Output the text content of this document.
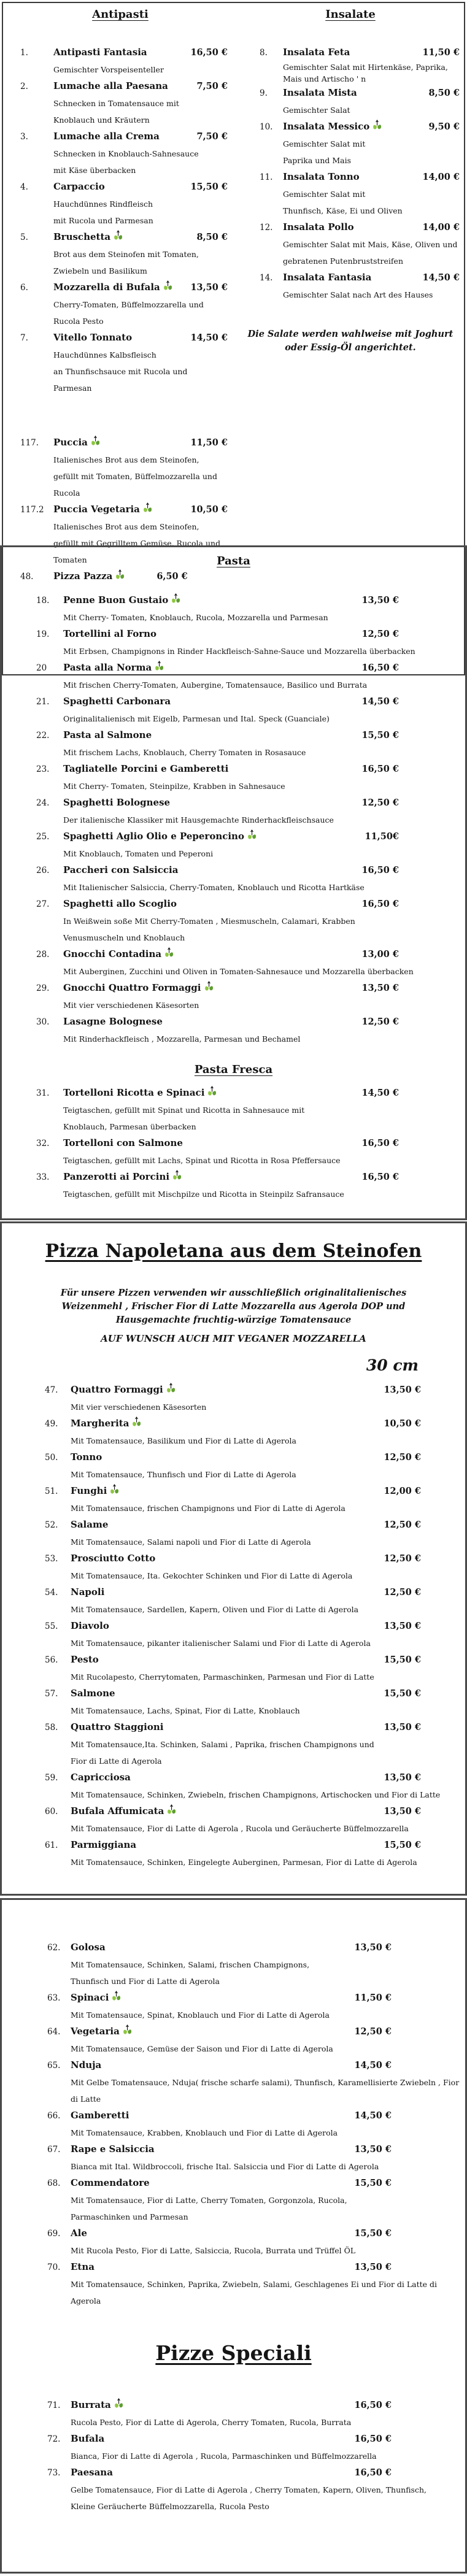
Antipasti
1.	Antipasti Fantasia	16,50 €
Gemischter Vorspeisenteller
2.	Lumache alla Paesana	7,50 €
Schnecken in Tomatensauce mit
Knoblauch und Kräutern
3.	Lumache alla Crema	7,50 €
Schnecken in Knoblauch-Sahnesauce
mit Käse überbacken
4.	Carpaccio	15,50 €
Hauchdünnes Rindfleisch
mit Rucola und Parmesan
5.	Bruschetta	8,50 €
Brot aus dem Steinofen mit Tomaten,
Zwiebeln und Basilikum
6.	Mozzarella di Bufala	13,50 €
Cherry-Tomaten, Büffelmozzarella und Rucola Pesto
7.	Vitello Tonnato	14,50 €
Hauchdünnes Kalbsfleisch
an Thunfischsauce mit Rucola und
Parmesan
117.	Puccia	11,50 €
Italienisches Brot aus dem Steinofen,
gefüllt mit Tomaten, Büffelmozzarella und
Rucola
117.2	Puccia Vegetaria	10,50 €
Italienisches Brot aus dem Steinofen,
gefüllt mit Gegrilltem Gemüse, Rucola und Tomaten
48.	Pizza Pazza	6,50 €
Insalate
8.	Insalata Feta	11,50 €
Gemischter Salat mit Hirtenkäse, Paprika,
Mais und Artischo ' n
9.	Insalata Mista	8,50 €
Gemischter Salat
10.	Insalata Messico	9,50 €
Gemischter Salat mit
Paprika und Mais
11.	Insalata Tonno	14,00 €
Gemischter Salat mit
Thunfisch, Käse, Ei und Oliven
12.	Insalata Pollo	14,00 €
Gemischter Salat mit Mais, Käse, Oliven und
gebratenen Putenbruststreifen
14.	Insalata Fantasia	14,50 €
Gemischter Salat nach Art des Hauses
Die Salate werden wahlweise mit Joghurt oder Essig-Öl angerichtet.
Pasta
18.	Penne Buon Gustaio	13,50 €
Mit Cherry- Tomaten, Knoblauch, Rucola, Mozzarella und Parmesan
19.	Tortellini al Forno	12,50 €
Mit Erbsen, Champignons in Rinder Hackfleisch-Sahne-Sauce und Mozzarella überbacken
20	Pasta alla Norma	16,50 €
Mit frischen Cherry-Tomaten, Aubergine, Tomatensauce, Basilico und Burrata
21.	Spaghetti Carbonara	14,50 €
Originalitalienisch mit Eigelb, Parmesan und Ital. Speck (Guanciale)
22.	Pasta al Salmone	15,50 €
Mit frischem Lachs, Knoblauch, Cherry Tomaten in Rosasauce
23.	Tagliatelle Porcini e Gamberetti	16,50 €
Mit Cherry- Tomaten, Steinpilze, Krabben in Sahnesauce
24.	Spaghetti Bolognese	12,50 €
Der italienische Klassiker mit Hausgemachte Rinderhackfleischsauce
25.	Spaghetti Aglio Olio e Peperoncino	11,50€
Mit Knoblauch, Tomaten und Peperoni
26.	Paccheri con Salsiccia	16,50 €
Mit Italienischer Salsiccia, Cherry-Tomaten, Knoblauch und Ricotta Hartkäse
27.	Spaghetti allo Scoglio	16,50 €
In Weißwein soße Mit Cherry-Tomaten , Miesmuscheln, Calamari, Krabben
Venusmuscheln und Knoblauch
28.	Gnocchi Contadina	13,00 €
Mit Auberginen, Zucchini und Oliven in Tomaten-Sahnesauce und Mozzarella überbacken
29.	Gnocchi Quattro Formaggi	13,50 €
Mit vier verschiedenen Käsesorten
30.	Lasagne Bolognese	12,50 €
Mit Rinderhackfleisch , Mozzarella, Parmesan und Bechamel
Pasta Fresca
31.	Tortelloni Ricotta e Spinaci	14,50 €
Teigtaschen, gefüllt mit Spinat und Ricotta in Sahnesauce mit
Knoblauch, Parmesan überbacken
32.	Tortelloni con Salmone	16,50 €
Teigtaschen, gefüllt mit Lachs, Spinat und Ricotta in Rosa Pfeffersauce
33.	Panzerotti ai Porcini	16,50 €
Teigtaschen, gefüllt mit Mischpilze und Ricotta in Steinpilz Safransauce
Pizza Napoletana aus dem Steinofen

Für unsere Pizzen verwenden wir ausschließlich originalitalienisches Weizenmehl , Frischer Fior di Latte Mozzarella aus Agerola DOP und Hausgemachte fruchtig-würzige Tomatensauce

AUF WUNSCH AUCH MIT VEGANER MOZZARELLA

30 cm
47.	Quattro Formaggi	13,50 €
Mit vier verschiedenen Käsesorten
49.	Margherita	10,50 €
Mit Tomatensauce, Basilikum und Fior di Latte di Agerola
50.	Tonno	12,50 €
Mit Tomatensauce, Thunfisch und Fior di Latte di Agerola
51.	Funghi	12,00 €
Mit Tomatensauce, frischen Champignons und Fior di Latte di Agerola
52.	Salame	12,50 €
Mit Tomatensauce, Salami napoli und Fior di Latte di Agerola
53.	Prosciutto Cotto	12,50 €
Mit Tomatensauce, Ita. Gekochter Schinken und Fior di Latte di Agerola
54.	Napoli	12,50 €
Mit Tomatensauce, Sardellen, Kapern, Oliven und Fior di Latte di Agerola
55.	Diavolo	13,50 €
Mit Tomatensauce, pikanter italienischer Salami und Fior di Latte di Agerola
56.	Pesto	15,50 €
Mit Rucolapesto, Cherrytomaten, Parmaschinken, Parmesan und Fior di Latte
57.	Salmone	15,50 €
Mit Tomatensauce, Lachs, Spinat, Fior di Latte, Knoblauch
58.	Quattro Staggioni	13,50 €
Mit Tomatensauce,Ita. Schinken, Salami , Paprika, frischen Champignons und
Fior di Latte di Agerola
59.	Capricciosa	13,50 €
Mit Tomatensauce, Schinken, Zwiebeln, frischen Champignons, Artischocken und Fior di Latte
60.	Bufala Affumicata	13,50 €
Mit Tomatensauce, Fior di Latte di Agerola , Rucola und Geräucherte Büffelmozzarella
61.	Parmiggiana	15,50 €
Mit Tomatensauce, Schinken, Eingelegte Auberginen, Parmesan, Fior di Latte di Agerola
62.	Golosa	13,50 €
Mit Tomatensauce, Schinken, Salami, frischen Champignons,
Thunfisch und Fior di Latte di Agerola
63.	Spinaci	11,50 €
Mit Tomatensauce, Spinat, Knoblauch und Fior di Latte di Agerola
64.	Vegetaria	12,50 €
Mit Tomatensauce, Gemüse der Saison und Fior di Latte di Agerola
65.	Nduja	14,50 €
Mit Gelbe Tomatensauce, Nduja( frische scharfe salami), Thunfisch, Karamellisierte Zwiebeln , Fior di Latte
66.	Gamberetti	14,50 €
Mit Tomatensauce, Krabben, Knoblauch und Fior di Latte di Agerola
67.	Rape e Salsiccia	13,50 €
Bianca mit Ital. Wildbroccoli, frische Ital. Salsiccia und Fior di Latte di Agerola
68.	Commendatore	15,50 €
Mit Tomatensauce, Fior di Latte, Cherry Tomaten, Gorgonzola, Rucola,
Parmaschinken und Parmesan
69.	Ale	15,50 €
Mit Rucola Pesto, Fior di Latte, Salsiccia, Rucola, Burrata und Trüffel ÖL
70.	Etna	13,50 €
Mit Tomatensauce, Schinken, Paprika, Zwiebeln, Salami, Geschlagenes Ei und Fior di Latte di Agerola
Pizze Speciali
71.	Burrata	16,50 €
Rucola Pesto, Fior di Latte di Agerola, Cherry Tomaten, Rucola, Burrata
72.	Bufala	16,50 €
Bianca, Fior di Latte di Agerola , Rucola, Parmaschinken und Büffelmozzarella
73.	Paesana	16,50 €
Gelbe Tomatensauce, Fior di Latte di Agerola , Cherry Tomaten, Kapern, Oliven, Thunfisch,
Kleine Geräucherte Büffelmozzarella, Rucola Pesto
